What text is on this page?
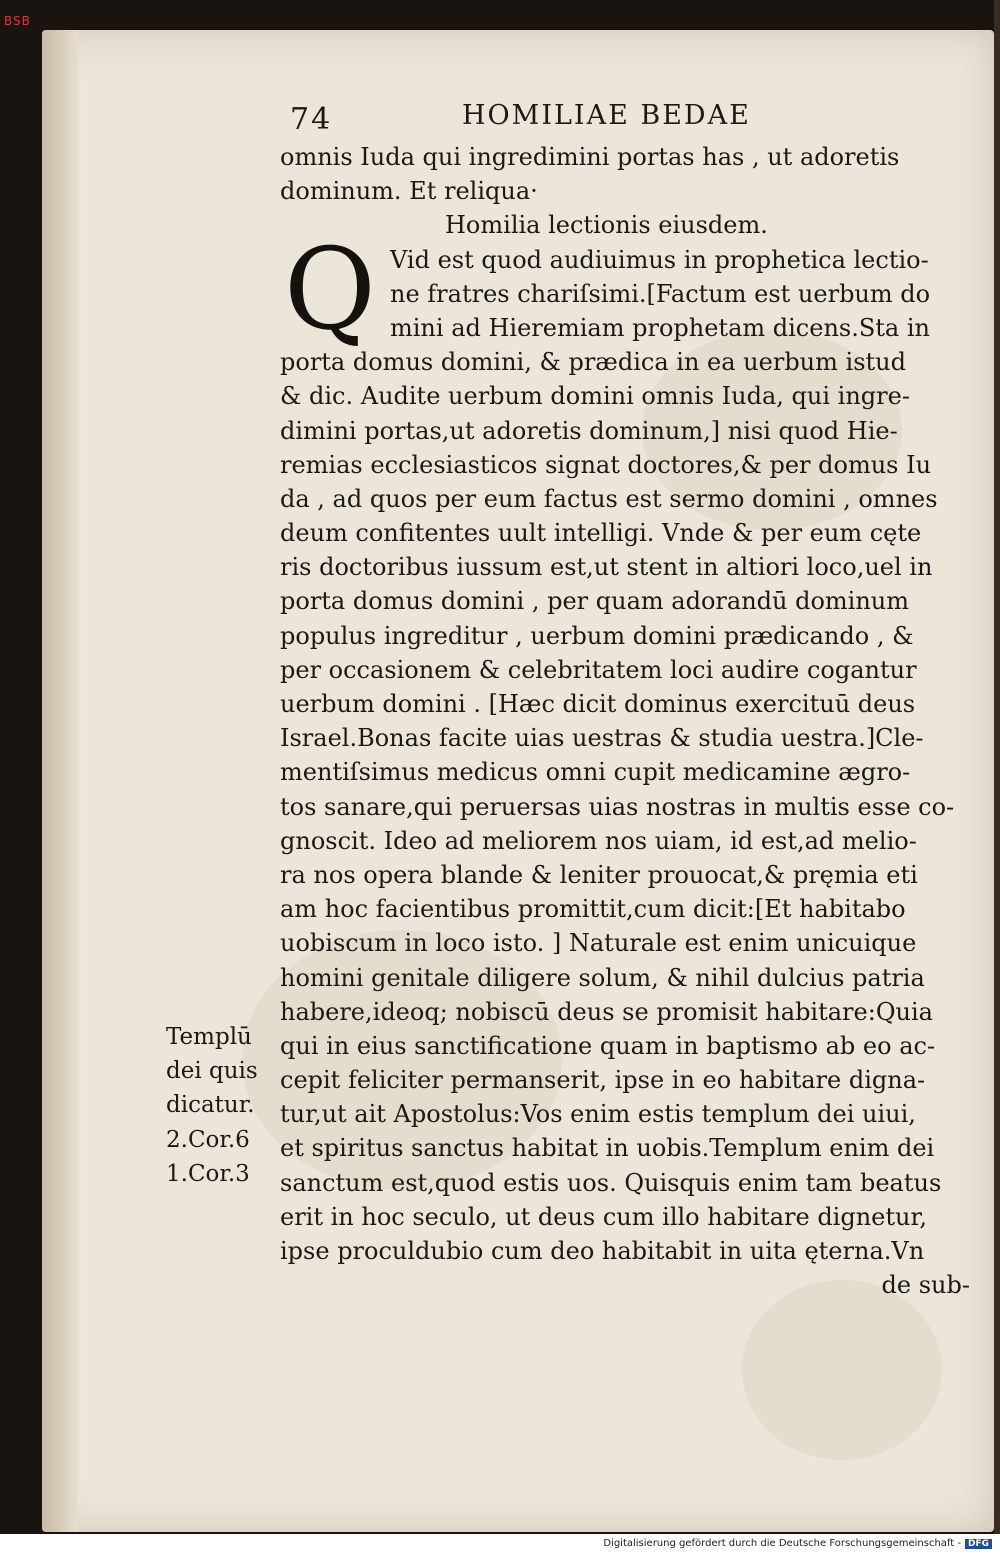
BSB
74	HOMILIAE BEDAE
Q
omnis Iuda qui ingredimini portas has , ut adoretis
dominum. Et reliqua·
Homilia lectionis eiusdem.
Vid est quod audiuimus in prophetica lectio-
ne fratres chariſsimi.[Factum est uerbum do
mini ad Hieremiam prophetam dicens.Sta in
porta domus domini, & prædica in ea uerbum istud
& dic. Audite uerbum domini omnis Iuda, qui ingre-
dimini portas,ut adoretis dominum,] nisi quod Hie-
remias ecclesiasticos signat doctores,& per domus Iu
da , ad quos per eum factus est sermo domini , omnes
deum confitentes uult intelligi. Vnde & per eum cęte
ris doctoribus iussum est,ut stent in altiori loco,uel in
porta domus domini , per quam adorandū dominum
populus ingreditur , uerbum domini prædicando , &
per occasionem & celebritatem loci audire cogantur
uerbum domini . [Hæc dicit dominus exercituū deus
Israel.Bonas facite uias uestras & studia uestra.]Cle-
mentiſsimus medicus omni cupit medicamine ægro-
tos sanare,qui peruersas uias nostras in multis esse co-
gnoscit. Ideo ad meliorem nos uiam, id est,ad melio-
ra nos opera blande & leniter prouocat,& pręmia eti
am hoc facientibus promittit,cum dicit:[Et habitabo
uobiscum in loco isto. ] Naturale est enim unicuique
homini genitale diligere solum, & nihil dulcius patria
habere,ideoq; nobiscū deus se promisit habitare:Quia
qui in eius sanctificatione quam in baptismo ab eo ac-
cepit feliciter permanserit, ipse in eo habitare digna-
tur,ut ait Apostolus:Vos enim estis templum dei uiui,
et spiritus sanctus habitat in uobis.Templum enim dei
sanctum est,quod estis uos. Quisquis enim tam beatus
erit in hoc seculo, ut deus cum illo habitare dignetur,
ipse proculdubio cum deo habitabit in uita ęterna.Vn
de sub-
Templū
dei quis
dicatur.
2.Cor.6
1.Cor.3
Digitalisierung gefördert durch die Deutsche Forschungsgemeinschaft - DFG
